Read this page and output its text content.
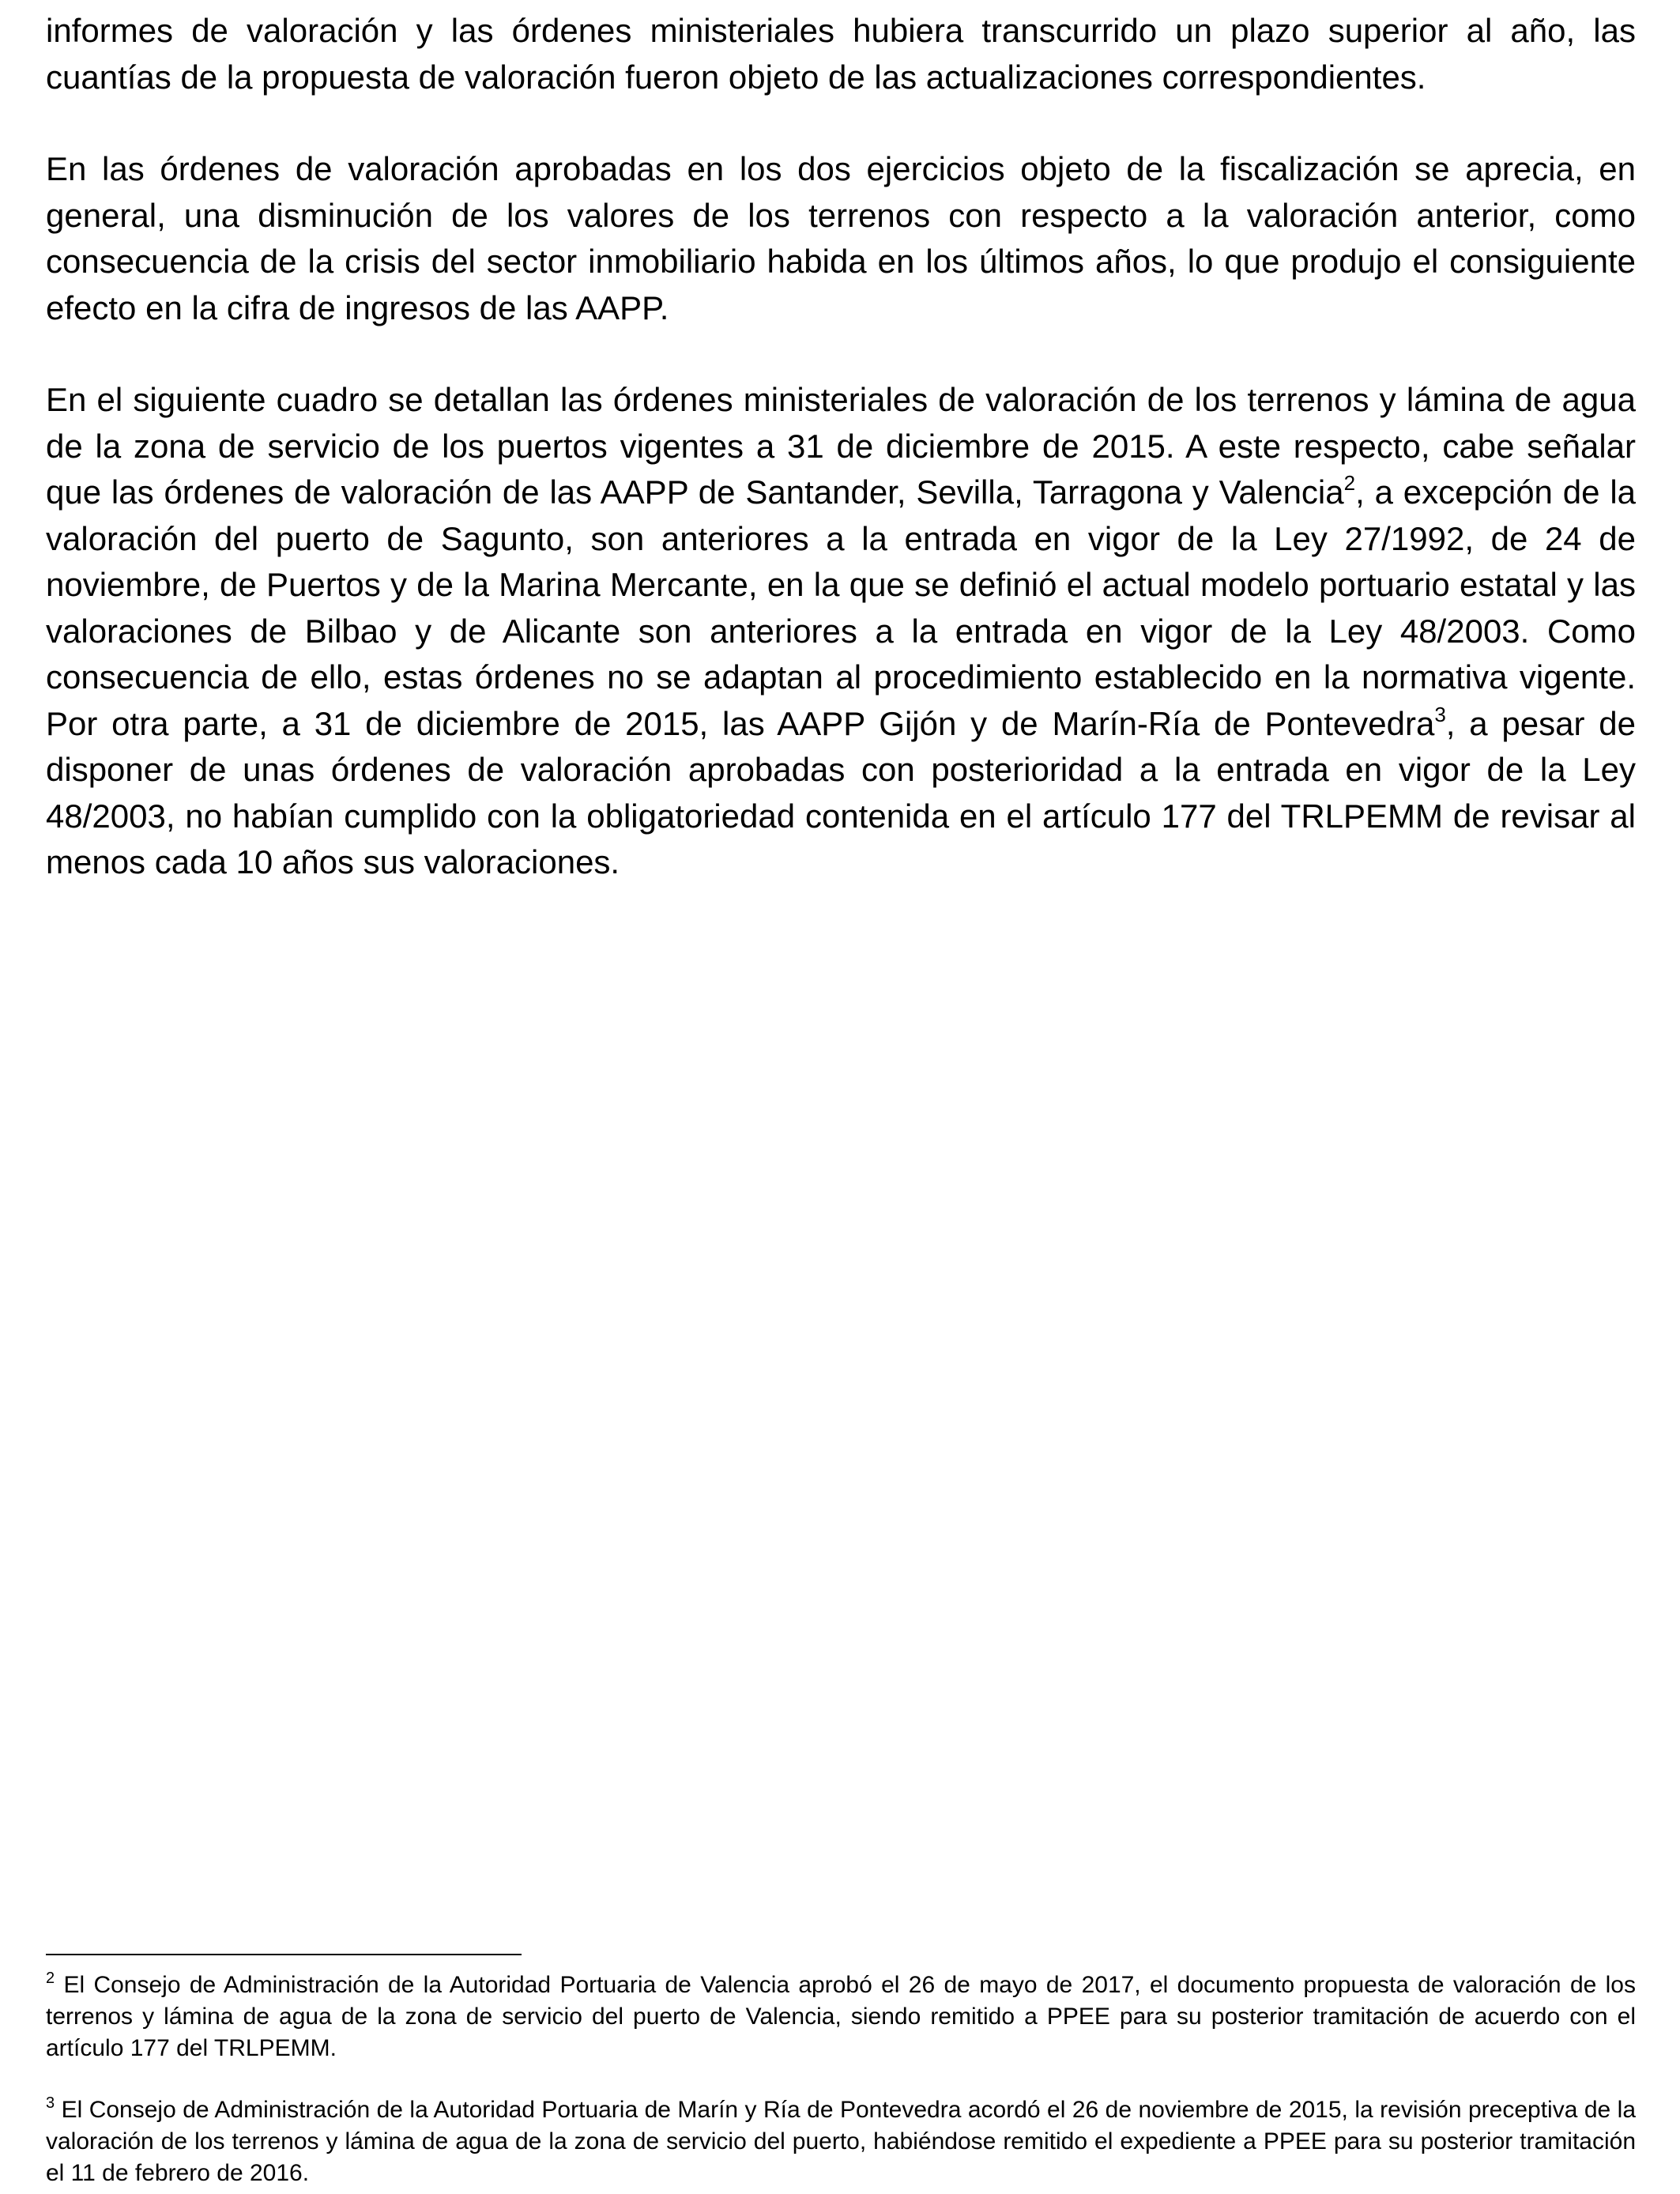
informes de valoración y las órdenes ministeriales hubiera transcurrido un plazo superior al año, las cuantías de la propuesta de valoración fueron objeto de las actualizaciones correspondientes.

En las órdenes de valoración aprobadas en los dos ejercicios objeto de la fiscalización se aprecia, en general, una disminución de los valores de los terrenos con respecto a la valoración anterior, como consecuencia de la crisis del sector inmobiliario habida en los últimos años, lo que produjo el consiguiente efecto en la cifra de ingresos de las AAPP.

En el siguiente cuadro se detallan las órdenes ministeriales de valoración de los terrenos y lámina de agua de la zona de servicio de los puertos vigentes a 31 de diciembre de 2015. A este respecto, cabe señalar que las órdenes de valoración de las AAPP de Santander, Sevilla, Tarragona y Valencia$^2$, a excepción de la valoración del puerto de Sagunto, son anteriores a la entrada en vigor de la Ley 27/1992, de 24 de noviembre, de Puertos y de la Marina Mercante, en la que se definió el actual modelo portuario estatal y las valoraciones de Bilbao y de Alicante son anteriores a la entrada en vigor de la Ley 48/2003. Como consecuencia de ello, estas órdenes no se adaptan al procedimiento establecido en la normativa vigente. Por otra parte, a 31 de diciembre de 2015, las AAPP Gijón y de Marín-Ría de Pontevedra$^3$, a pesar de disponer de unas órdenes de valoración aprobadas con posterioridad a la entrada en vigor de la Ley 48/2003, no habían cumplido con la obligatoriedad contenida en el artículo 177 del TRLPEMM de revisar al menos cada 10 años sus valoraciones.

$^2$ El Consejo de Administración de la Autoridad Portuaria de Valencia aprobó el 26 de mayo de 2017, el documento propuesta de valoración de los terrenos y lámina de agua de la zona de servicio del puerto de Valencia, siendo remitido a PPEE para su posterior tramitación de acuerdo con el artículo 177 del TRLPEMM.

$^3$ El Consejo de Administración de la Autoridad Portuaria de Marín y Ría de Pontevedra acordó el 26 de noviembre de 2015, la revisión preceptiva de la valoración de los terrenos y lámina de agua de la zona de servicio del puerto, habiéndose remitido el expediente a PPEE para su posterior tramitación el 11 de febrero de 2016.
